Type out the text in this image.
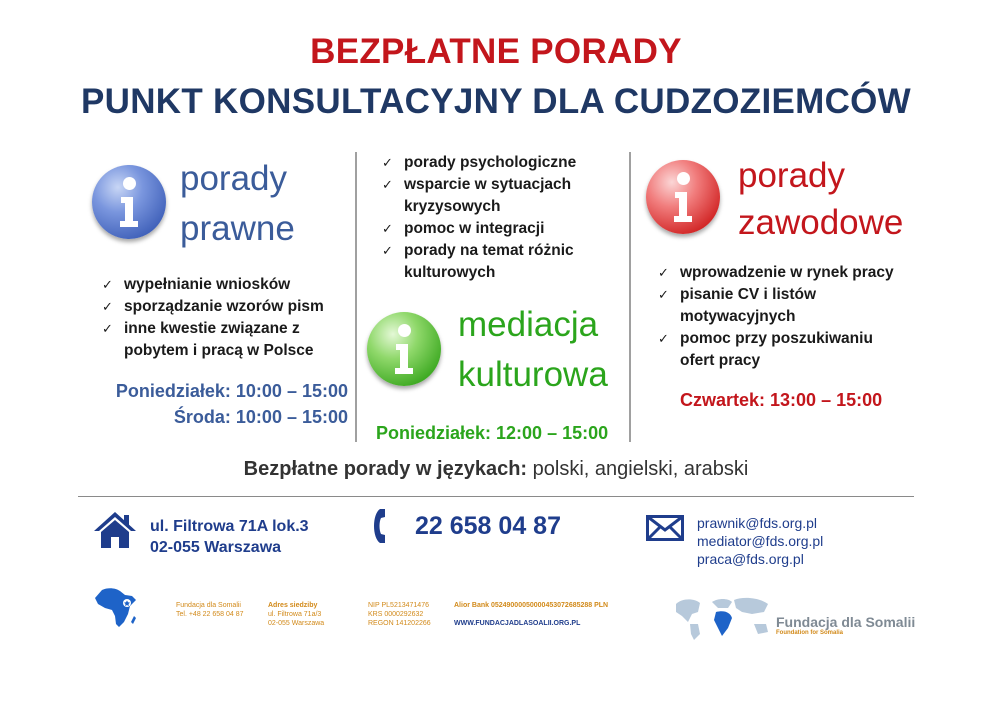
BEZPŁATNE PORADY
PUNKT KONSULTACYJNY DLA CUDZOZIEMCÓW
porady
prawne
✓ wypełnianie wniosków
✓ sporządzanie wzorów pism
✓ inne kwestie związane z
pobytem i pracą w Polsce
Poniedziałek: 10:00 – 15:00
Środa: 10:00 – 15:00
✓ porady psychologiczne
✓ wsparcie w sytuacjach
kryzysowych
✓ pomoc w integracji
✓ porady na temat różnic
kulturowych
mediacja
kulturowa
Poniedziałek: 12:00 – 15:00
porady
zawodowe
✓ wprowadzenie w rynek pracy
✓ pisanie CV i listów
motywacyjnych
✓ pomoc przy poszukiwaniu
ofert pracy
Czwartek: 13:00 – 15:00
Bezpłatne porady w językach: polski, angielski, arabski
ul. Filtrowa 71A lok.3
02-055 Warszawa
22 658 04 87	prawnik@fds.org.pl
mediator@fds.org.pl
praca@fds.org.pl
Fundacja dla Somalii
Tel. +48 22 658 04 87
Adres siedziby
ul. Filtrowa 71a/3
02-055 Warszawa
NIP PL5213471476
KRS 0000292632
REGON 141202266
Alior Bank 05249000050000453072685288 PLN
WWW.FUNDACJADLASOALII.ORG.PL	Fundacja dla Somalii
Foundation for Somalia
